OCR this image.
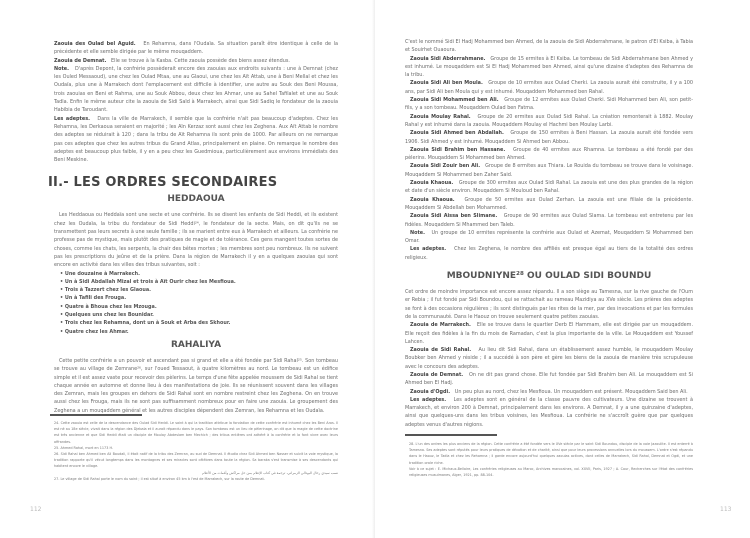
Zaouia des Oulad bel Aguid. En Rehamna, dans l'Oudaïa. Sa situation paraît être identique à celle de la précédente et elle semble dirigée par le même mouqaddem.

Zaouia de Demnat. Elle se trouve à la Kasba. Cette zaouia possède des biens assez étendus.

Note. D'après Depont, la confrérie possèderait encore des zaouias aux endroits suivants : une à Demnat (chez les Ouled Messaoud), une chez les Oulad Mtaa, une au Glaoui, une chez les Aït Attab, une à Beni Mellal et chez les Oudaïa, plus une à Marrakech dont l'emplacement est difficile à identifier, une autre au Souk des Beni Moussa, trois zaouias en Beni et Rahma, une au Souk Abbou, deux chez les Ahmar, une au Sahel Tafilalet et une au Souk Tadla. Enfin le même auteur cite la zaouia de Sidi Saïd à Marrakech, ainsi que Sidi Sadiq le fondateur de la zaouia Habibia de Taroudant.

Les adeptes. Dans la ville de Marrakech, il semble que la confrérie n'ait pas beaucoup d'adeptes. Chez les Rehamna, les Derkaoua seraient en majorité ; les Aïn Kerzaz sont aussi chez les Zeghena. Aux Aït Attab le nombre des adeptes se réduirait à 120 ; dans la tribu de Aït Rehamna ils sont près de 1000. Par ailleurs on ne remarque pas ces adeptes que chez les autres tribus du Grand Atlas, principalement en plaine. On remarque le nombre des adeptes est beaucoup plus faible, il y en a peu chez les Guedmioua, particulièrement aux environs immédiats des Beni Meskine.

II.- LES ORDRES SECONDAIRES
HEDDAOUA

Les Heddaoua ou Heddaïa sont une secte et une confrérie. Ils se disent les enfants de Sidi Heddi, et ils existent chez les Oudaïa, la tribu du fondateur de Sidi Heddi²⁴, le fondateur de la secte. Mais, on dit qu'ils ne se transmettent pas leurs secrets à une seule famille ; ils se marient entre eux à Marrakech et ailleurs. La confrérie ne professe pas de mystique, mais plutôt des pratiques de magie et de tolérance. Ces gens mangent toutes sortes de choses, comme les chats, les serpents, la chair des bêtes mortes ; les membres sont peu nombreux. Ils ne suivent pas les prescriptions du jeûne et de la prière. Dans la région de Marrakech il y en a quelques zaouias qui sont encore en activité dans les villes des tribus suivantes, soit :

• Une douzaine à Marrakech.
• Un à Sidi Abdallah Mizal et trois à Aït Ourir chez les Mesfioua.
• Trois à Tazzert chez les Glaoua.
• Un à Tafili des Frouga.
• Quatre à Bhoua chez les Mzouga.
• Quelques uns chez les Bounidar.
• Trois chez les Rehamna, dont un à Souk et Arba des Skhour.
• Quatre chez les Ahmar.
RAHALIYA

Cette petite confrérie a un pouvoir et ascendant pas si grand et elle a été fondée par Sidi Rahal²⁵. Son tombeau se trouve au village de Zemrane²⁶, sur l'oued Tessaout, à quatre kilomètres au nord. Le tombeau est un édifice simple et il est assez vaste pour recevoir des pèlerins. Le temps d'une fête appelée moussem de Sidi Rahal se tient chaque année en automne et donne lieu à des manifestations de joie. Ils se réunissent souvent dans les villages des Zemran, mais les groupes en dehors de Sidi Rahal sont en nombre restreint chez les Zeghena. On en trouve aussi chez les Frouga, mais ils ne sont pas suffisamment nombreux pour en faire une zaouia. Le groupement des Zeghena a un mouqaddem général et les autres disciples dépendent des Zemran, les Rehamna et les Oudaïa.

24. Cette zaouia est celle de la descendance des Oulad Sidi Heddi. Le saint à qui la tradition attribue la fondation de cette confrérie est inhumé chez les Beni Aros. Il est né au 18e siècle, vivait dans la région des Djebala et il aurait répandu dans le pays. Son tombeau est un lieu de pèlerinage, on dit que la magie de cette doctrine est très ancienne et que Sidi Heddi était un disciple de Moulay Abdeslam ben Mechich ; des tribus entières ont adhéré à la confrérie et la font vivre avec leurs offrandes.

25. Ahmed Rahal, mort en 1173 H.

26. Sidi Rahal ben Ahmed ben Ali Boudali, il était natif de la tribu des Zemran, au sud de Demnat. Il étudia chez Sidi Ahmed ben Nasser et suivit la voie mystique, la tradition rapporte qu'il vécut longtemps dans les montagnes et ses miracles sont célèbres dans toute la région. Sa baraka s'est transmise à ses descendants qui habitent encore le village.

نسب سيدي رحال البودالي الزمراني، ترجمة في كتاب الإعلام بمن حل مراكش وأغمات من الأعلام

27. Le village de Sidi Rahal porte le nom du saint ; il est situé à environ 45 km à l'est de Marrakech, sur la route de Demnat.

112

C'est le nommé Sidi El Hadj Mohammed ben Ahmed, de la zaouia de Sidi Abderrahmane, le patron d'El Ksiba, à Tabia et Souirhet Ouaoura.

Zaouia Sidi Abderrahmane. Groupe de 15 ermites à El Ksiba. Le tombeau de Sidi Abderrahmane ben Ahmed y est inhumé. Le mouqaddem est Si El Hadj Mohammed ben Ahmed, ainsi qu'une dizaine d'adeptes des Rehamna de la tribu.

Zaouia Sidi Ali ben Moula. Groupe de 10 ermites aux Oulad Cherki. La zaouia aurait été construite, il y a 100 ans, par Sidi Ali ben Moula qui y est inhumé. Mouqaddem Mohammed ben Rahal.

Zaouia Sidi Mohammed ben Ali. Groupe de 12 ermites aux Oulad Cherki. Sidi Mohammed ben Ali, son petit-fils, y a son tombeau. Mouqaddem Oulad ben Fatma.

Zaouia Moulay Rahal. Groupe de 20 ermites aux Oulad Sidi Rahal. La création remonterait à 1882. Moulay Rahal y est inhumé dans la zaouia. Mouqaddem Moulay el Hachmi ben Moulay Larbi.

Zaouia Sidi Ahmed ben Abdallah. Groupe de 150 ermites à Beni Hassan. La zaouia aurait été fondée vers 1906. Sidi Ahmed y est inhumé. Mouqaddem Si Ahmed ben Abbou.

Zaouia Sidi Brahim ben Hassane. Groupe de 40 ermites aux Rhamna. Le tombeau a été fondé par des pèlerins. Mouqaddem Si Mohammed ben Ahmed.

Zaouia Sidi Zouir ben Ali. Groupe de 8 ermites aux Thiara. Le Rouida du tombeau se trouve dans le voisinage. Mouqaddem Si Mohammed ben Zaher Said.

Zaouia Khaoua. Groupe de 300 ermites aux Oulad Sidi Rahal. La zaouia est une des plus grandes de la région et date d'un siècle environ. Mouqaddem Si Mouloud ben Rahal.

Zaouia Khaoua. Groupe de 50 ermites aux Oulad Zerhan. La zaouia est une filiale de la précédente. Mouqaddem Si Abdellah ben Mohammed.

Zaouia Sidi Aissa ben Slimane. Groupe de 90 ermites aux Oulad Slama. Le tombeau est entretenu par les fidèles. Mouqaddem Si Mhammed ben Taleb.

Note. Un groupe de 10 ermites représente la confrérie aux Oulad et Azemat, Mouqaddem Si Mohammed ben Omar.

Les adeptes. Chez les Zeghena, le nombre des affiliés est presque égal au tiers de la totalité des ordres religieux.

MBOUDNIYNE²⁸ OU OULAD SIDI BOUNDU

Cet ordre de moindre importance est encore assez répandu. Il a son siège au Tamesna, sur la rive gauche de l'Oum er Rebia ; il fut fondé par Sidi Boundou, qui se rattachait au rameau Mazidiya au XVe siècle. Les prières des adeptes se font à des occasions régulières ; ils sont distingués par les rites de la mer, par des invocations et par les formules de la communauté. Dans le Haouz on trouve seulement quatre petites zaouias.

Zaouia de Marrakech. Elle se trouve dans le quartier Derb El Hammam, elle est dirigée par un mouqaddem. Elle reçoit des fidèles à la fin du mois de Ramadan, c'est la plus importante de la ville. Le Mouqaddem est Youssef Lahcen.

Zaouia de Sidi Rahal. Au lieu dit Sidi Rahal, dans un établissement assez humble, le mouqaddem Moulay Boubker ben Ahmed y réside ; il a succédé à son père et gère les biens de la zaouia de manière très scrupuleuse avec le concours des adeptes.

Zaouia de Demnat. On ne dit pas grand chose. Elle fut fondée par Sidi Brahim ben Ali. Le mouqaddem est Si Ahmed ben El Hadj.

Zaouia d'Ogdi. Un peu plus au nord, chez les Mesfioua. Un mouqaddem est présent. Mouqaddem Said ben Ali.

Les adeptes. Les adeptes sont en général de la classe pauvre des cultivateurs. Une dizaine se trouvent à Marrakech, et environ 200 à Demnat, principalement dans les environs. A Demnat, il y a une quinzaine d'adeptes, ainsi que quelques-uns dans les tribus voisines, les Mesfioua. La confrérie ne s'accroît guère que par quelques adeptes venus d'autres régions.

28. L'un des ordres les plus anciens de la région. Cette confrérie a été fondée vers le XVe siècle par le saint Sidi Boundou, disciple de la voie Jazoulite. Il est enterré à Tamesna. Ses adeptes sont réputés pour leurs pratiques de dévotion et de charité, ainsi que pour leurs processions annuelles lors du moussem. L'ordre s'est répandu dans le Haouz, le Tadla et chez les Rehamna ; il garde encore aujourd'hui quelques zaouias actives, dont celles de Marrakech, Sidi Rahal, Demnat et Ogdi, et une tradition orale riche.

Voir à ce sujet : E. Michaux-Bellaire, Les confréries religieuses au Maroc, Archives marocaines, vol. XXVII, Paris, 1927 ; A. Cour, Recherches sur l'état des confréries religieuses musulmanes, Alger, 1921, pp. 88-104.

113
